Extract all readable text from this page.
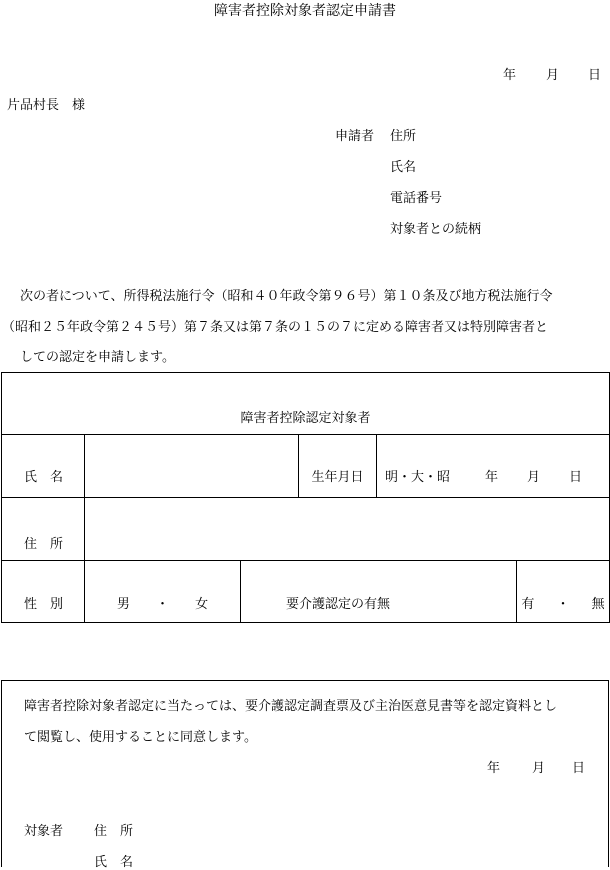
障害者控除対象者認定申請書
年 月 日
片品村長　様
申請者 住所
氏名
電話番号
対象者との続柄
次の者について、所得税法施行令（昭和４０年政令第９６号）第１０条及び地方税法施行令
（昭和２５年政令第２４５号）第７条又は第７条の１５の７に定める障害者又は特別障害者と
しての認定を申請します。
障害者控除認定対象者					
氏　名			生年月日	明・大・昭 年 月 日	

住　所					
性　別	男 ・ 女	要介護認定の有無			有 ・ 無
障害者控除対象者認定に当たっては、要介護認定調査票及び主治医意見書等を認定資料とし
て閲覧し、使用することに同意します。
年 月 日
対象者 住　所
氏　名
